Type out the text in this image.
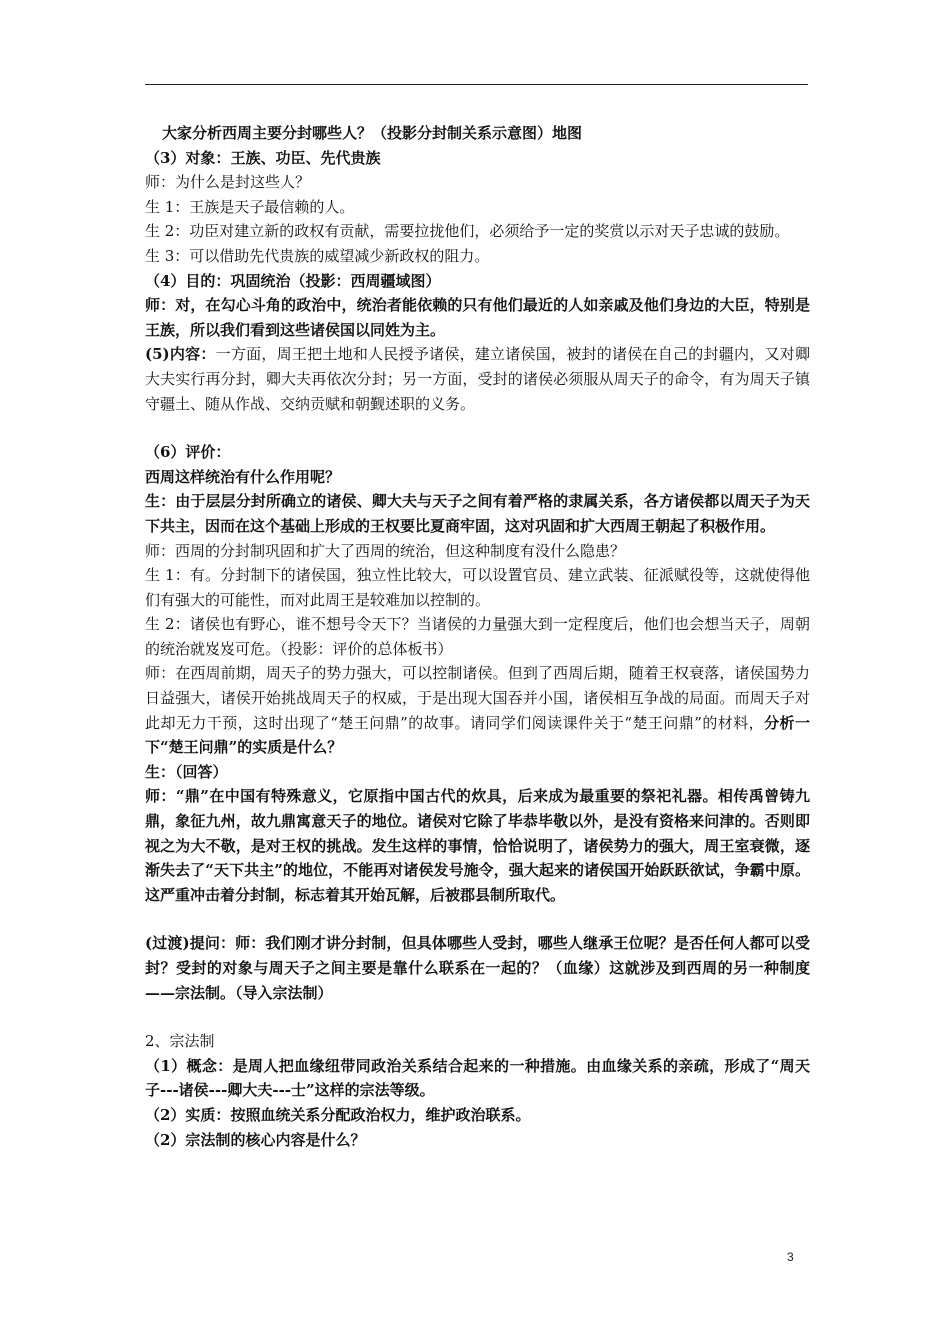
大家分析西周主要分封哪些人？（投影分封制关系示意图）地图

（3）对象：王族、功臣、先代贵族

师：为什么是封这些人？

生 1：王族是天子最信赖的人。

生 2：功臣对建立新的政权有贡献，需要拉拢他们，必须给予一定的奖赏以示对天子忠诚的鼓励。

生 3：可以借助先代贵族的威望减少新政权的阻力。

（4）目的：巩固统治（投影：西周疆域图）

师：对，在勾心斗角的政治中，统治者能依赖的只有他们最近的人如亲戚及他们身边的大臣，特别是王族，所以我们看到这些诸侯国以同姓为主。

(5)内容：一方面，周王把土地和人民授予诸侯，建立诸侯国，被封的诸侯在自己的封疆内，又对卿大夫实行再分封，卿大夫再依次分封；另一方面，受封的诸侯必须服从周天子的命令，有为周天子镇守疆土、随从作战、交纳贡赋和朝觐述职的义务。

（6）评价：

西周这样统治有什么作用呢？

生：由于层层分封所确立的诸侯、卿大夫与天子之间有着严格的隶属关系，各方诸侯都以周天子为天下共主，因而在这个基础上形成的王权要比夏商牢固，这对巩固和扩大西周王朝起了积极作用。

师：西周的分封制巩固和扩大了西周的统治，但这种制度有没什么隐患？

生 1：有。分封制下的诸侯国，独立性比较大，可以设置官员、建立武装、征派赋役等，这就使得他们有强大的可能性，而对此周王是较难加以控制的。

生 2：诸侯也有野心，谁不想号令天下？当诸侯的力量强大到一定程度后，他们也会想当天子，周朝的统治就岌岌可危。（投影：评价的总体板书）

师：在西周前期，周天子的势力强大，可以控制诸侯。但到了西周后期，随着王权衰落，诸侯国势力日益强大，诸侯开始挑战周天子的权威，于是出现大国吞并小国，诸侯相互争战的局面。而周天子对此却无力干预，这时出现了“楚王问鼎”的故事。请同学们阅读课件关于“楚王问鼎”的材料，分析一下“楚王问鼎”的实质是什么？

生：（回答）

师：“鼎”在中国有特殊意义，它原指中国古代的炊具，后来成为最重要的祭祀礼器。相传禹曾铸九鼎，象征九州，故九鼎寓意天子的地位。诸侯对它除了毕恭毕敬以外，是没有资格来问津的。否则即视之为大不敬，是对王权的挑战。发生这样的事情，恰恰说明了，诸侯势力的强大，周王室衰微，逐渐失去了“天下共主”的地位，不能再对诸侯发号施令，强大起来的诸侯国开始跃跃欲试，争霸中原。这严重冲击着分封制，标志着其开始瓦解，后被郡县制所取代。

(过渡)提问：师：我们刚才讲分封制，但具体哪些人受封，哪些人继承王位呢？是否任何人都可以受封？受封的对象与周天子之间主要是靠什么联系在一起的？（血缘）这就涉及到西周的另一种制度——宗法制。（导入宗法制）

2、宗法制

（1）概念：是周人把血缘纽带同政治关系结合起来的一种措施。由血缘关系的亲疏，形成了“周天子---诸侯---卿大夫---士”这样的宗法等级。

（2）实质：按照血统关系分配政治权力，维护政治联系。

（2）宗法制的核心内容是什么？

3
